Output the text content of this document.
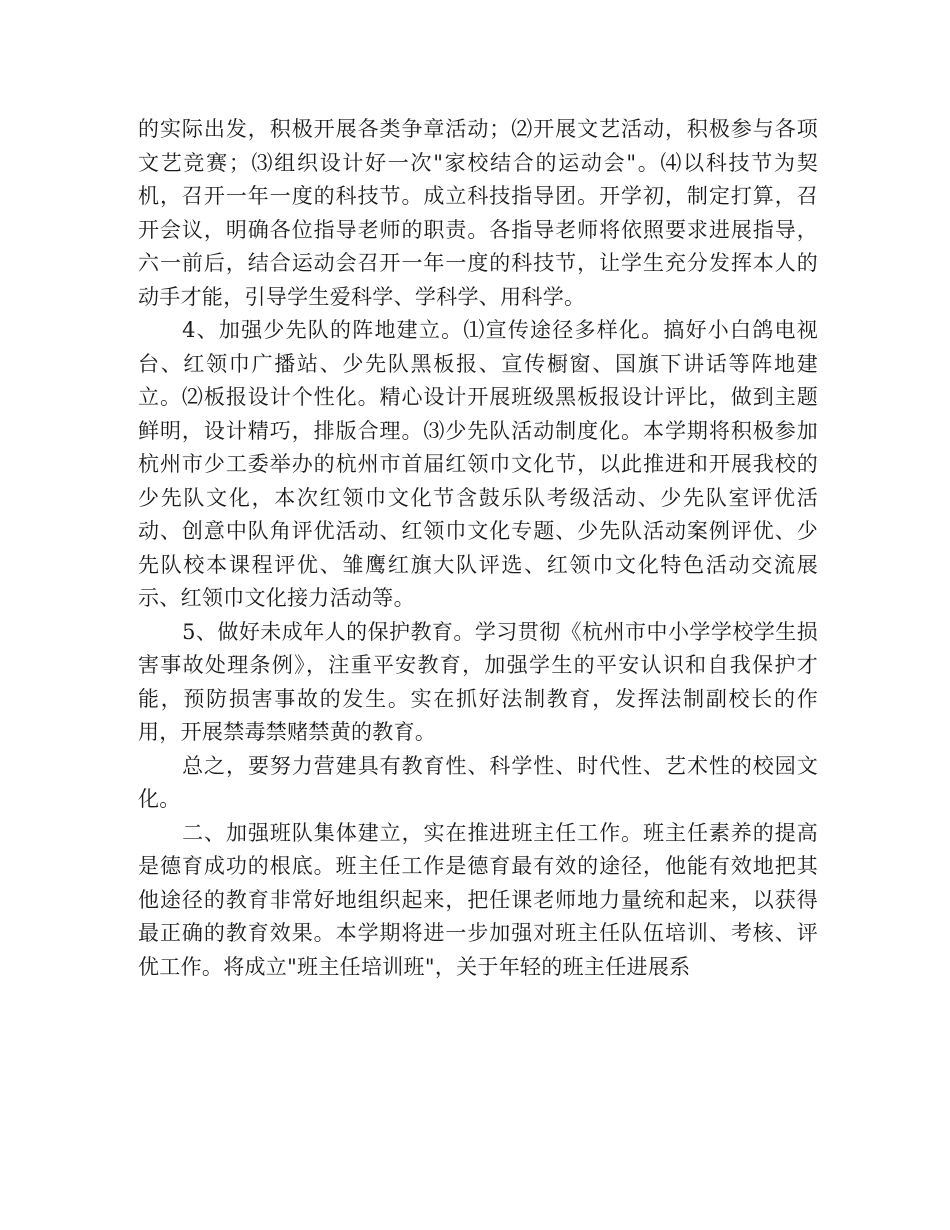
的实际出发，积极开展各类争章活动；⑵开展文艺活动，积极参与各项文艺竞赛；⑶组织设计好一次"家校结合的运动会"。⑷以科技节为契机，召开一年一度的科技节。成立科技指导团。开学初，制定打算，召开会议，明确各位指导老师的职责。各指导老师将依照要求进展指导，六一前后，结合运动会召开一年一度的科技节，让学生充分发挥本人的动手才能，引导学生爱科学、学科学、用科学。

4、加强少先队的阵地建立。⑴宣传途径多样化。搞好小白鸽电视台、红领巾广播站、少先队黑板报、宣传橱窗、国旗下讲话等阵地建立。⑵板报设计个性化。精心设计开展班级黑板报设计评比，做到主题鲜明，设计精巧，排版合理。⑶少先队活动制度化。本学期将积极参加杭州市少工委举办的杭州市首届红领巾文化节，以此推进和开展我校的少先队文化，本次红领巾文化节含鼓乐队考级活动、少先队室评优活动、创意中队角评优活动、红领巾文化专题、少先队活动案例评优、少先队校本课程评优、雏鹰红旗大队评选、红领巾文化特色活动交流展示、红领巾文化接力活动等。

5、做好未成年人的保护教育。学习贯彻《杭州市中小学学校学生损害事故处理条例》，注重平安教育，加强学生的平安认识和自我保护才能，预防损害事故的发生。实在抓好法制教育，发挥法制副校长的作用，开展禁毒禁赌禁黄的教育。

总之，要努力营建具有教育性、科学性、时代性、艺术性的校园文化。

二、加强班队集体建立，实在推进班主任工作。班主任素养的提高是德育成功的根底。班主任工作是德育最有效的途径，他能有效地把其他途径的教育非常好地组织起来，把任课老师地力量统和起来，以获得最正确的教育效果。本学期将进一步加强对班主任队伍培训、考核、评优工作。将成立"班主任培训班"，关于年轻的班主任进展系
